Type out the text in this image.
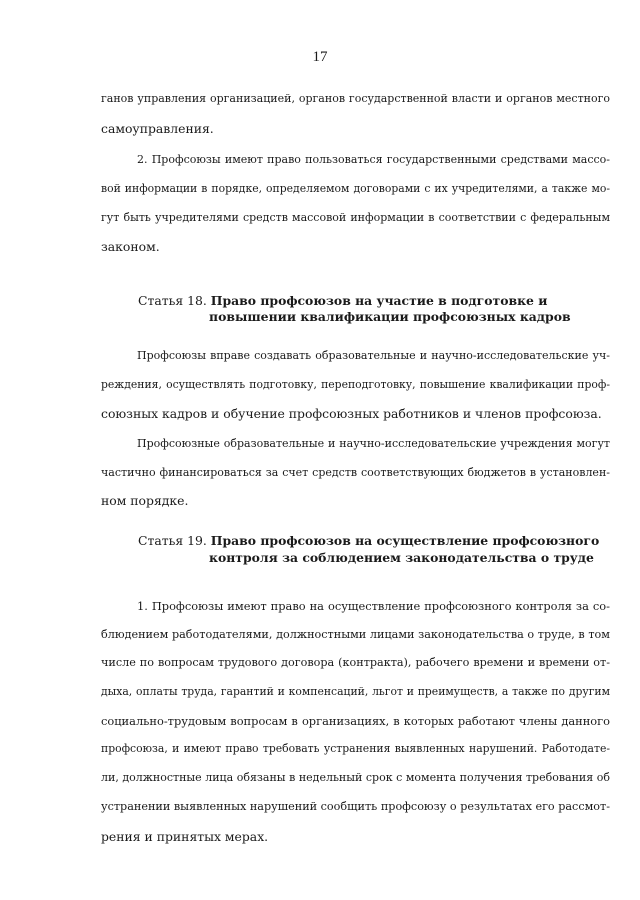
17
ганов управления организацией, органов государственной власти и органов местного
самоуправления.
2. Профсоюзы имеют право пользоваться государственными средствами массо-
вой информации в порядке, определяемом договорами с их учредителями, а также мо-
гут быть учредителями средств массовой информации в соответствии с федеральным
законом.
Статья 18. Право профсоюзов на участие в подготовке и
повышении квалификации профсоюзных кадров
Профсоюзы вправе создавать образовательные и научно-исследовательские уч-
реждения, осуществлять подготовку, переподготовку, повышение квалификации проф-
союзных кадров и обучение профсоюзных работников и членов профсоюза.
Профсоюзные образовательные и научно-исследовательские учреждения могут
частично финансироваться за счет средств соответствующих бюджетов в установлен-
ном порядке.
Статья 19. Право профсоюзов на осуществление профсоюзного
контроля за соблюдением законодательства о труде
1. Профсоюзы имеют право на осуществление профсоюзного контроля за со-
блюдением работодателями, должностными лицами законодательства о труде, в том
числе по вопросам трудового договора (контракта), рабочего времени и времени от-
дыха, оплаты труда, гарантий и компенсаций, льгот и преимуществ, а также по другим
социально-трудовым вопросам в организациях, в которых работают члены данного
профсоюза, и имеют право требовать устранения выявленных нарушений. Работодате-
ли, должностные лица обязаны в недельный срок с момента получения требования об
устранении выявленных нарушений сообщить профсоюзу о результатах его рассмот-
рения и принятых мерах.
